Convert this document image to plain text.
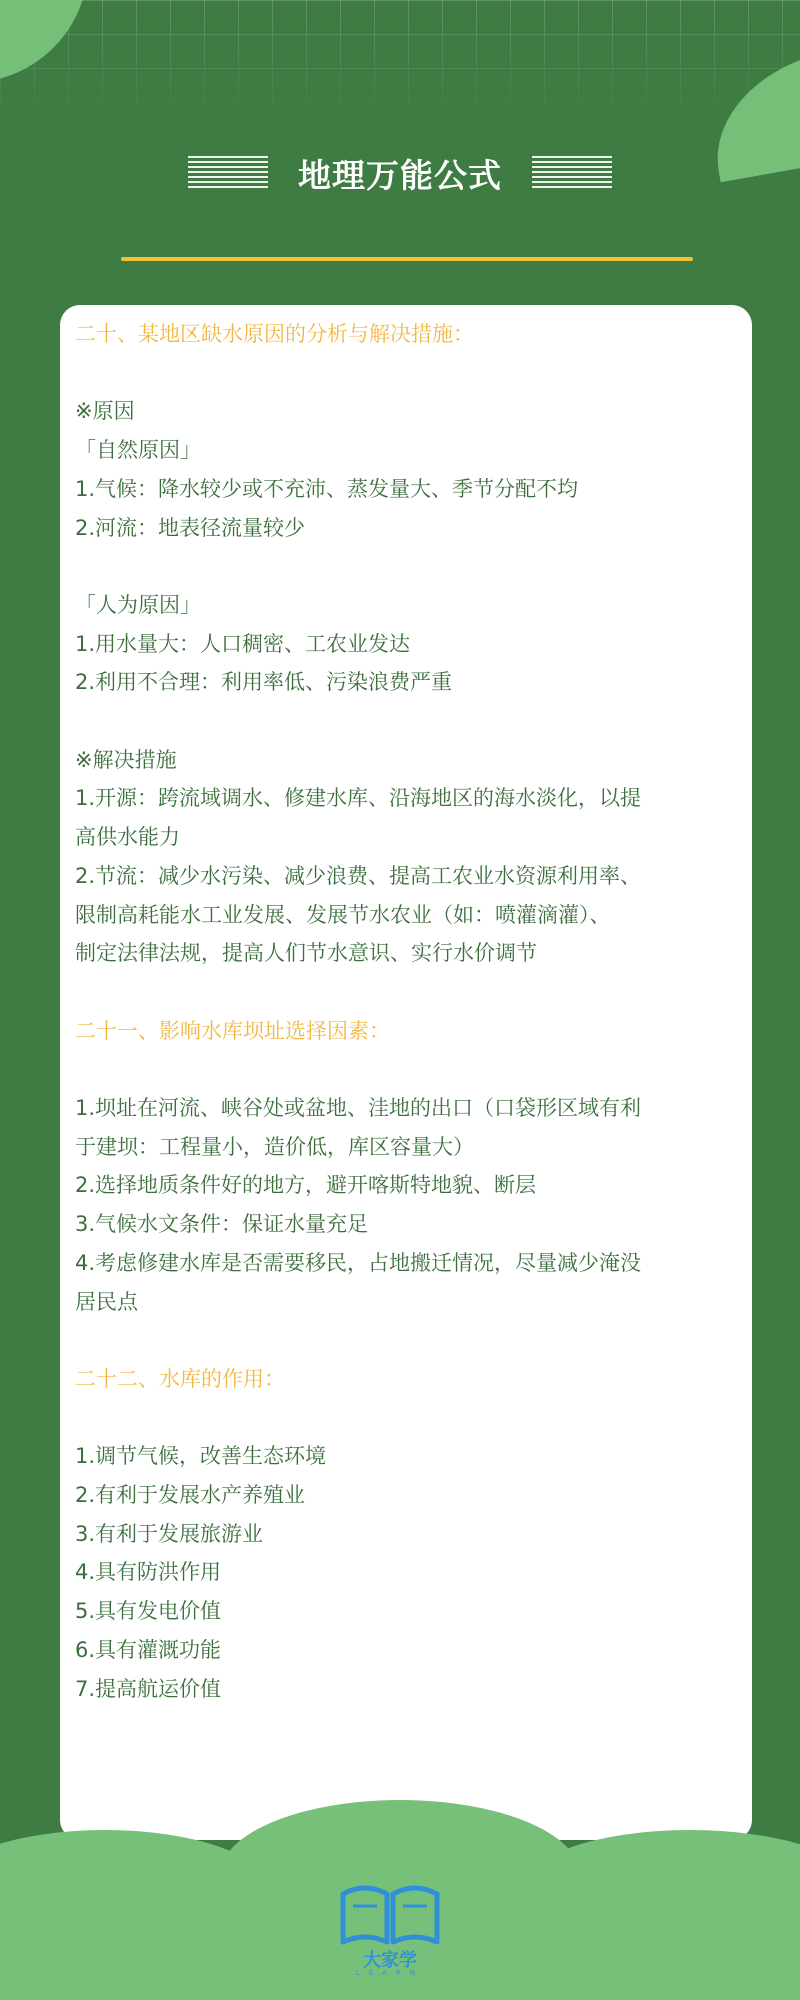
地理万能公式
二十、某地区缺水原因的分析与解决措施：
※原因
「自然原因」
1.气候：降水较少或不充沛、蒸发量大、季节分配不均
2.河流：地表径流量较少
「人为原因」
1.用水量大：人口稠密、工农业发达
2.利用不合理：利用率低、污染浪费严重
※解决措施
1.开源：跨流域调水、修建水库、沿海地区的海水淡化，以提
高供水能力
2.节流：减少水污染、减少浪费、提高工农业水资源利用率、
限制高耗能水工业发展、发展节水农业（如：喷灌滴灌）、
制定法律法规，提高人们节水意识、实行水价调节
二十一、影响水库坝址选择因素：
1.坝址在河流、峡谷处或盆地、洼地的出口（口袋形区域有利
于建坝：工程量小，造价低，库区容量大）
2.选择地质条件好的地方，避开喀斯特地貌、断层
3.气候水文条件：保证水量充足
4.考虑修建水库是否需要移民，占地搬迁情况，尽量减少淹没
居民点
二十二、水库的作用：
1.调节气候，改善生态环境
2.有利于发展水产养殖业
3.有利于发展旅游业
4.具有防洪作用
5.具有发电价值
6.具有灌溉功能
7.提高航运价值
大家学
LEARN
